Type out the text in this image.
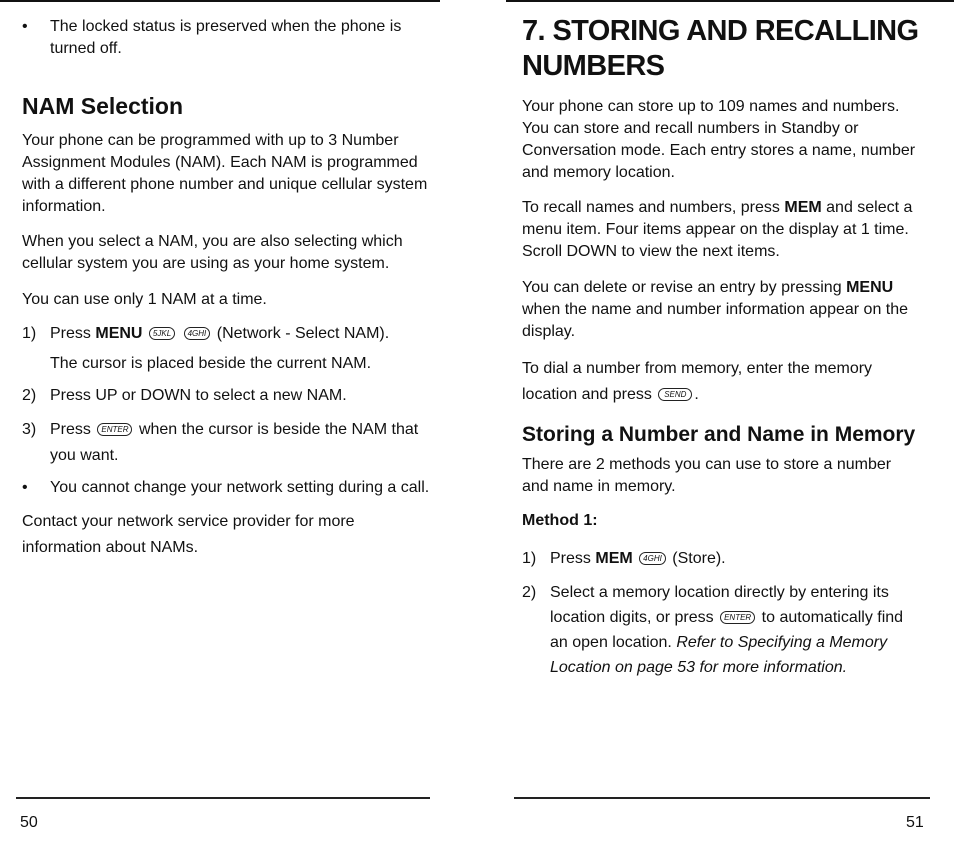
• The locked status is preserved when the phone is turned off.

NAM Selection

Your phone can be programmed with up to 3 Number Assignment Modules (NAM). Each NAM is programmed with a different phone number and unique cellular system information.

When you select a NAM, you are also selecting which cellular system you are using as your home system.

You can use only 1 NAM at a time.

1) Press MENU 5JKL 4GHI (Network - Select NAM).

The cursor is placed beside the current NAM.

2) Press UP or DOWN to select a new NAM.
3) Press ENTER when the cursor is beside the NAM that you want.
• You cannot change your network setting during a call.

Contact your network service provider for more information about NAMs.

7. STORING AND RECALLING NUMBERS

Your phone can store up to 109 names and numbers. You can store and recall numbers in Standby or Conversation mode. Each entry stores a name, number and memory location.

To recall names and numbers, press MEM and select a menu item. Four items appear on the display at 1 time. Scroll DOWN to view the next items.

You can delete or revise an entry by pressing MENU when the name and number information appear on the display.

To dial a number from memory, enter the memory location and press SEND .

Storing a Number and Name in Memory

There are 2 methods you can use to store a number and name in memory.

Method 1:

1) Press MEM 4GHI (Store).
2) Select a memory location directly by entering its location digits, or press ENTER to automatically find an open location. Refer to Specifying a Memory Location on page 53 for more information.
50	51
